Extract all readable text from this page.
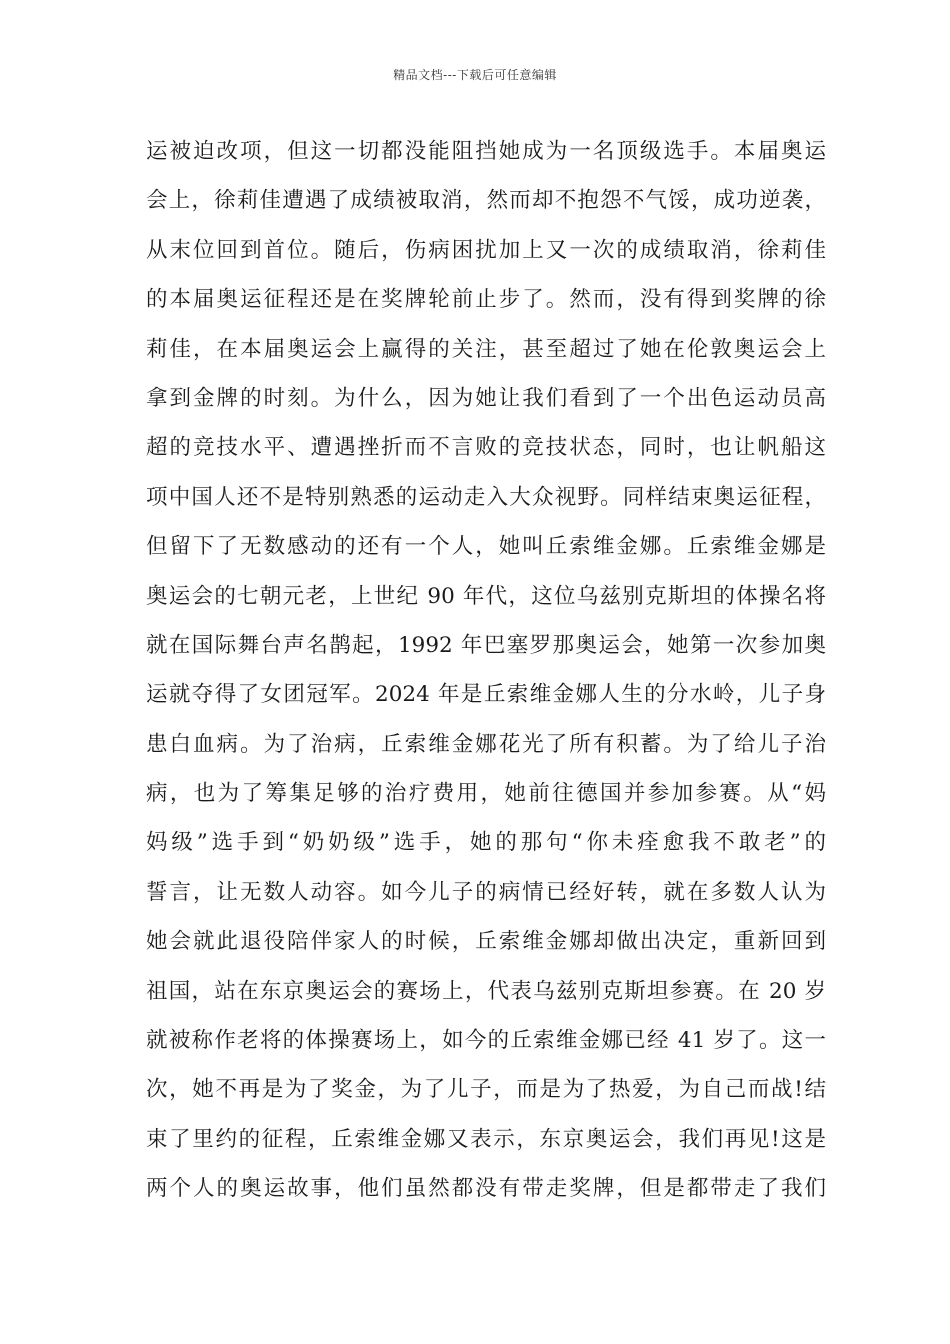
精品文档---下载后可任意编辑
运被迫改项，但这一切都没能阻挡她成为一名顶级选手。本届奥运
会上，徐莉佳遭遇了成绩被取消，然而却不抱怨不气馁，成功逆袭，
从末位回到首位。随后，伤病困扰加上又一次的成绩取消，徐莉佳
的本届奥运征程还是在奖牌轮前止步了。然而，没有得到奖牌的徐
莉佳，在本届奥运会上赢得的关注，甚至超过了她在伦敦奥运会上
拿到金牌的时刻。为什么，因为她让我们看到了一个出色运动员高
超的竞技水平、遭遇挫折而不言败的竞技状态，同时，也让帆船这
项中国人还不是特别熟悉的运动走入大众视野。同样结束奥运征程，
但留下了无数感动的还有一个人，她叫丘索维金娜。丘索维金娜是
奥运会的七朝元老，上世纪 90 年代，这位乌兹别克斯坦的体操名将
就在国际舞台声名鹊起，1992 年巴塞罗那奥运会，她第一次参加奥
运就夺得了女团冠军。2024 年是丘索维金娜人生的分水岭，儿子身
患白血病。为了治病，丘索维金娜花光了所有积蓄。为了给儿子治
病，也为了筹集足够的治疗费用，她前往德国并参加参赛。从“妈
妈级”选手到“奶奶级”选手，她的那句“你未痊愈我不敢老”的
誓言，让无数人动容。如今儿子的病情已经好转，就在多数人认为
她会就此退役陪伴家人的时候，丘索维金娜却做出决定，重新回到
祖国，站在东京奥运会的赛场上，代表乌兹别克斯坦参赛。在 20 岁
就被称作老将的体操赛场上，如今的丘索维金娜已经 41 岁了。这一
次，她不再是为了奖金，为了儿子，而是为了热爱，为自己而战!结
束了里约的征程，丘索维金娜又表示，东京奥运会，我们再见!这是
两个人的奥运故事，他们虽然都没有带走奖牌，但是都带走了我们
